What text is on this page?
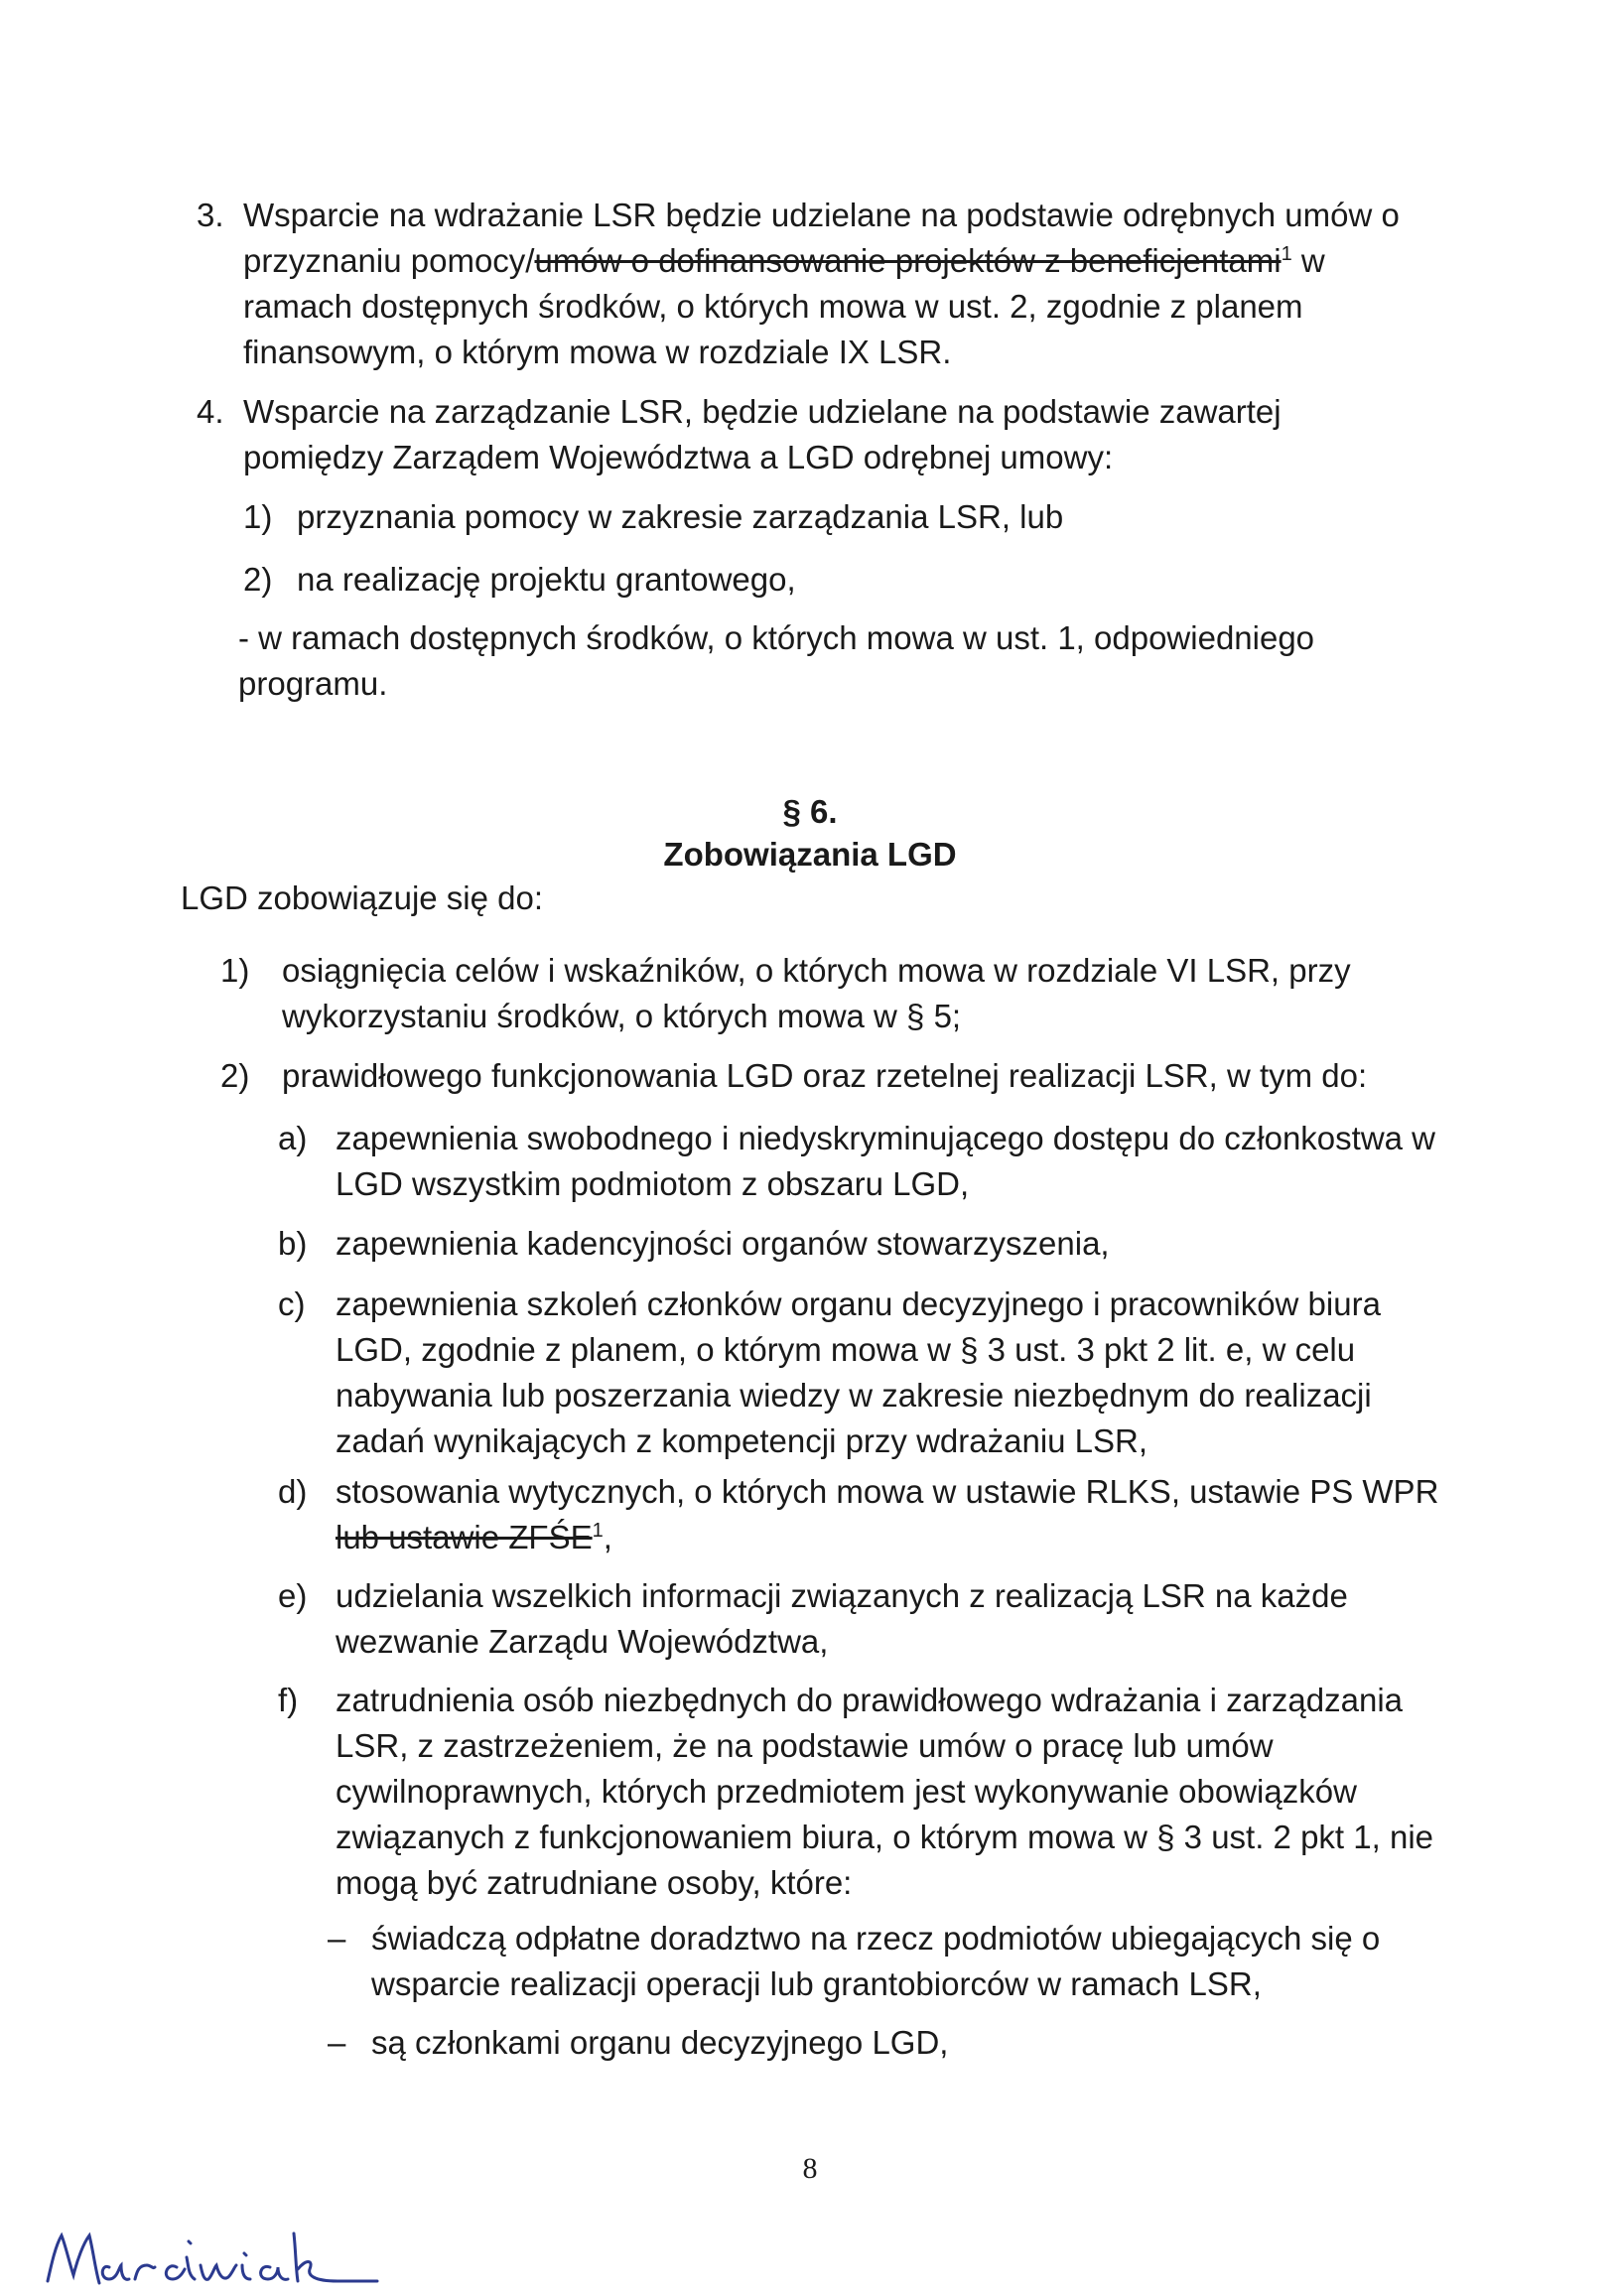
3. Wsparcie na wdrażanie LSR będzie udzielane na podstawie odrębnych umów o przyznaniu pomocy/umów o dofinansowanie projektów z beneficjentami$^1$ w ramach dostępnych środków, o których mowa w ust. 2, zgodnie z planem finansowym, o którym mowa w rozdziale IX LSR.
4. Wsparcie na zarządzanie LSR, będzie udzielane na podstawie zawartej pomiędzy Zarządem Województwa a LGD odrębnej umowy:
1) przyznania pomocy w zakresie zarządzania LSR, lub
2) na realizację projektu grantowego,
- w ramach dostępnych środków, o których mowa w ust. 1, odpowiedniego programu.
§ 6.
Zobowiązania LGD
LGD zobowiązuje się do:
1) osiągnięcia celów i wskaźników, o których mowa w rozdziale VI LSR, przy wykorzystaniu środków, o których mowa w § 5;
2) prawidłowego funkcjonowania LGD oraz rzetelnej realizacji LSR, w tym do:
a) zapewnienia swobodnego i niedyskryminującego dostępu do członkostwa w LGD wszystkim podmiotom z obszaru LGD,
b) zapewnienia kadencyjności organów stowarzyszenia,
c) zapewnienia szkoleń członków organu decyzyjnego i pracowników biura LGD, zgodnie z planem, o którym mowa w § 3 ust. 3 pkt 2 lit. e, w celu nabywania lub poszerzania wiedzy w zakresie niezbędnym do realizacji zadań wynikających z kompetencji przy wdrażaniu LSR,
d) stosowania wytycznych, o których mowa w ustawie RLKS, ustawie PS WPR lub ustawie ZFŚE$^1$,
e) udzielania wszelkich informacji związanych z realizacją LSR na każde wezwanie Zarządu Województwa,
f) zatrudnienia osób niezbędnych do prawidłowego wdrażania i zarządzania LSR, z zastrzeżeniem, że na podstawie umów o pracę lub umów cywilnoprawnych, których przedmiotem jest wykonywanie obowiązków związanych z funkcjonowaniem biura, o którym mowa w § 3 ust. 2 pkt 1, nie mogą być zatrudniane osoby, które:
– świadczą odpłatne doradztwo na rzecz podmiotów ubiegających się o wsparcie realizacji operacji lub grantobiorców w ramach LSR,
– są członkami organu decyzyjnego LGD,
8
